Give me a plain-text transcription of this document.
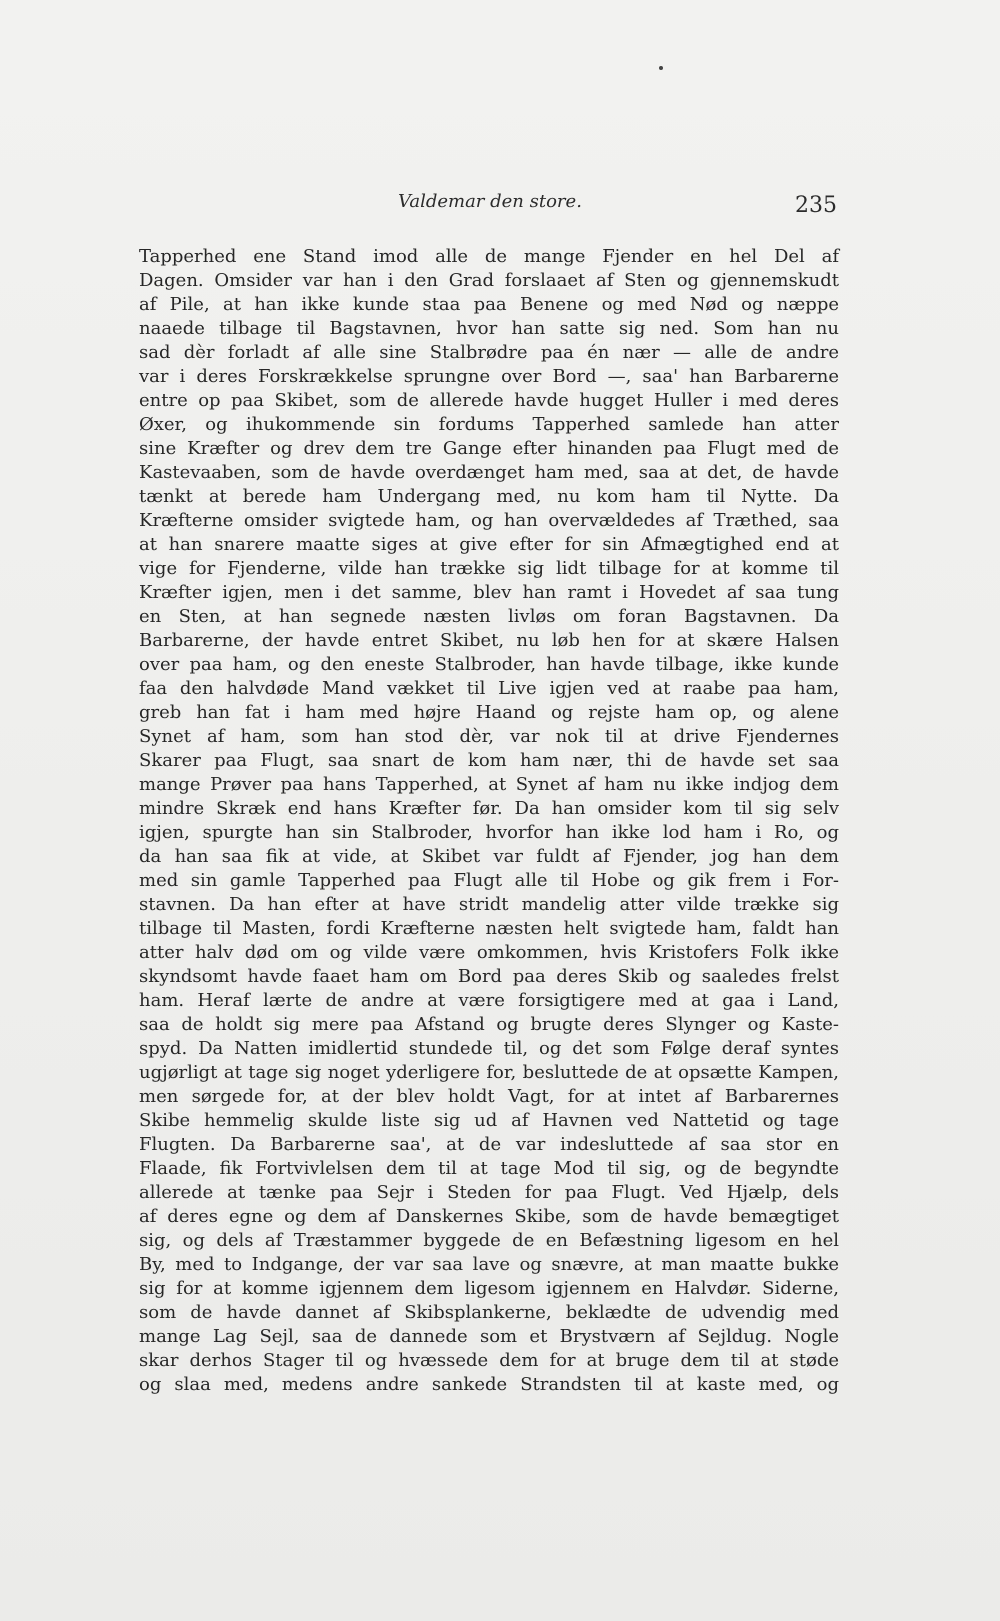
Valdemar den store.	235
Tapperhed ene Stand imod alle de mange Fjender en hel Del af
Dagen. Omsider var han i den Grad forslaaet af Sten og gjennemskudt
af Pile, at han ikke kunde staa paa Benene og med Nød og næppe
naaede tilbage til Bagstavnen, hvor han satte sig ned. Som han nu
sad dèr forladt af alle sine Stalbrødre paa én nær — alle de andre
var i deres Forskrækkelse sprungne over Bord —, saa' han Barbarerne
entre op paa Skibet, som de allerede havde hugget Huller i med deres
Øxer, og ihukommende sin fordums Tapperhed samlede han atter
sine Kræfter og drev dem tre Gange efter hinanden paa Flugt med de
Kastevaaben, som de havde overdænget ham med, saa at det, de havde
tænkt at berede ham Undergang med, nu kom ham til Nytte. Da
Kræfterne omsider svigtede ham, og han overvældedes af Træthed, saa
at han snarere maatte siges at give efter for sin Afmægtighed end at
vige for Fjenderne, vilde han trække sig lidt tilbage for at komme til
Kræfter igjen, men i det samme, blev han ramt i Hovedet af saa tung
en Sten, at han segnede næsten livløs om foran Bagstavnen. Da
Barbarerne, der havde entret Skibet, nu løb hen for at skære Halsen
over paa ham, og den eneste Stalbroder, han havde tilbage, ikke kunde
faa den halvdøde Mand vækket til Live igjen ved at raabe paa ham,
greb han fat i ham med højre Haand og rejste ham op, og alene
Synet af ham, som han stod dèr, var nok til at drive Fjendernes
Skarer paa Flugt, saa snart de kom ham nær, thi de havde set saa
mange Prøver paa hans Tapperhed, at Synet af ham nu ikke indjog dem
mindre Skræk end hans Kræfter før. Da han omsider kom til sig selv
igjen, spurgte han sin Stalbroder, hvorfor han ikke lod ham i Ro, og
da han saa fik at vide, at Skibet var fuldt af Fjender, jog han dem
med sin gamle Tapperhed paa Flugt alle til Hobe og gik frem i For-
stavnen. Da han efter at have stridt mandelig atter vilde trække sig
tilbage til Masten, fordi Kræfterne næsten helt svigtede ham, faldt han
atter halv død om og vilde være omkommen, hvis Kristofers Folk ikke
skyndsomt havde faaet ham om Bord paa deres Skib og saaledes frelst
ham. Heraf lærte de andre at være forsigtigere med at gaa i Land,
saa de holdt sig mere paa Afstand og brugte deres Slynger og Kaste-
spyd. Da Natten imidlertid stundede til, og det som Følge deraf syntes
ugjørligt at tage sig noget yderligere for, besluttede de at opsætte Kampen,
men sørgede for, at der blev holdt Vagt, for at intet af Barbarernes
Skibe hemmelig skulde liste sig ud af Havnen ved Nattetid og tage
Flugten. Da Barbarerne saa', at de var indesluttede af saa stor en
Flaade, fik Fortvivlelsen dem til at tage Mod til sig, og de begyndte
allerede at tænke paa Sejr i Steden for paa Flugt. Ved Hjælp, dels
af deres egne og dem af Danskernes Skibe, som de havde bemægtiget
sig, og dels af Træstammer byggede de en Befæstning ligesom en hel
By, med to Indgange, der var saa lave og snævre, at man maatte bukke
sig for at komme igjennem dem ligesom igjennem en Halvdør. Siderne,
som de havde dannet af Skibsplankerne, beklædte de udvendig med
mange Lag Sejl, saa de dannede som et Brystværn af Sejldug. Nogle
skar derhos Stager til og hvæssede dem for at bruge dem til at støde
og slaa med, medens andre sankede Strandsten til at kaste med, og
